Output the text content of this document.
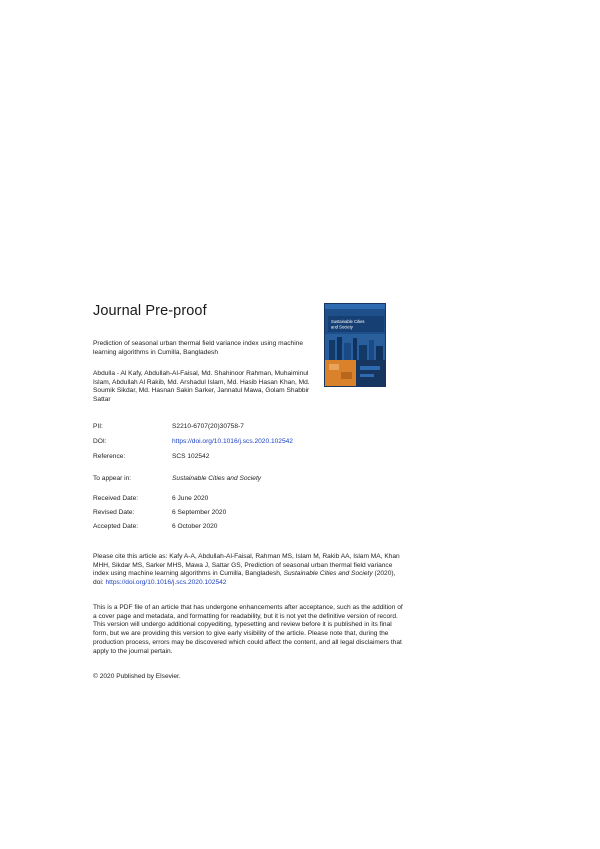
Journal Pre-proof
Prediction of seasonal urban thermal field variance index using machine learning algorithms in Cumilla, Bangladesh
Abdulla - Al Kafy, Abdullah-Al-Faisal, Md. Shahinoor Rahman, Muhaiminul Islam, Abdullah Al Rakib, Md. Arshadul Islam, Md. Hasib Hasan Khan, Md. Soumik Sikdar, Md. Hasnan Sakin Sarker, Jannatul Mawa, Golam Shabbir Sattar
Sustainable Cities
and Society
PII:	S2210-6707(20)30758-7
DOI:	https://doi.org/10.1016/j.scs.2020.102542
Reference:	SCS 102542
To appear in:	Sustainable Cities and Society
Received Date:	6 June 2020
Revised Date:	6 September 2020
Accepted Date:	6 October 2020
Please cite this article as: Kafy A-A, Abdullah-Al-Faisal, Rahman MS, Islam M, Rakib AA, Islam MA, Khan MHH, Sikdar MS, Sarker MHS, Mawa J, Sattar GS, Prediction of seasonal urban thermal field variance index using machine learning algorithms in Cumilla, Bangladesh, Sustainable Cities and Society (2020), doi: https://doi.org/10.1016/j.scs.2020.102542
This is a PDF file of an article that has undergone enhancements after acceptance, such as the addition of a cover page and metadata, and formatting for readability, but it is not yet the definitive version of record. This version will undergo additional copyediting, typesetting and review before it is published in its final form, but we are providing this version to give early visibility of the article. Please note that, during the production process, errors may be discovered which could affect the content, and all legal disclaimers that apply to the journal pertain.
© 2020 Published by Elsevier.
